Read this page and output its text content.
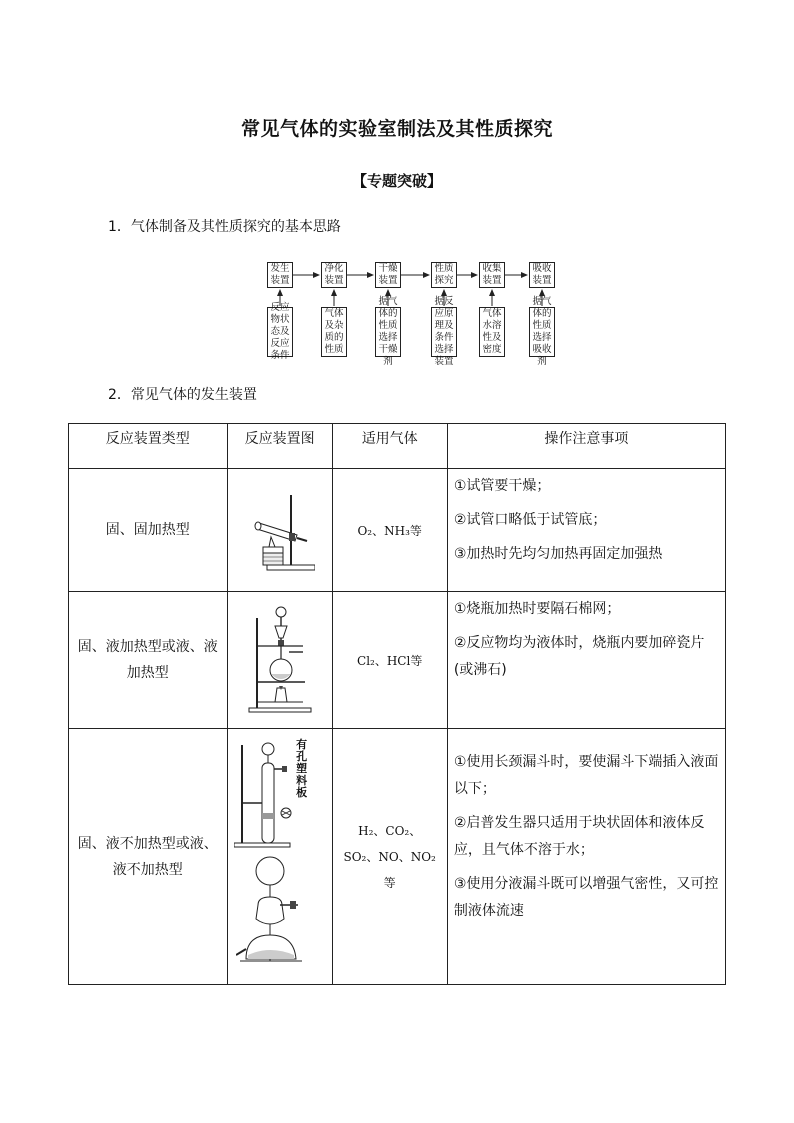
常见气体的实验室制法及其性质探究
【专题突破】
1．气体制备及其性质探究的基本思路
发生装置
净化装置
干燥装置
性质探究
收集装置
吸收装置
反应物状态及反应条件
气体及杂质的性质
据气体的性质选择干燥剂
据反应原理及条件选择装置
气体水溶性及密度
据气体的性质选择吸收剂
2．常见气体的发生装置
反应装置类型	反应装置图	适用气体	操作注意事项

固、固加热型		O₂、NH₃等	①试管要干燥；

②试管口略低于试管底；

③加热时先均匀加热再固定加强热

固、液加热型或液、液加热型		Cl₂、HCl等	①烧瓶加热时要隔石棉网；

②反应物均为液体时，烧瓶内要加碎瓷片(或沸石)

固、液不加热型或液、液不加热型	有孔塑料板	H₂、CO₂、SO₂、NO、NO₂等	①使用长颈漏斗时，要使漏斗下端插入液面以下；

②启普发生器只适用于块状固体和液体反应，且气体不溶于水；

③使用分液漏斗既可以增强气密性，又可控制液体流速
